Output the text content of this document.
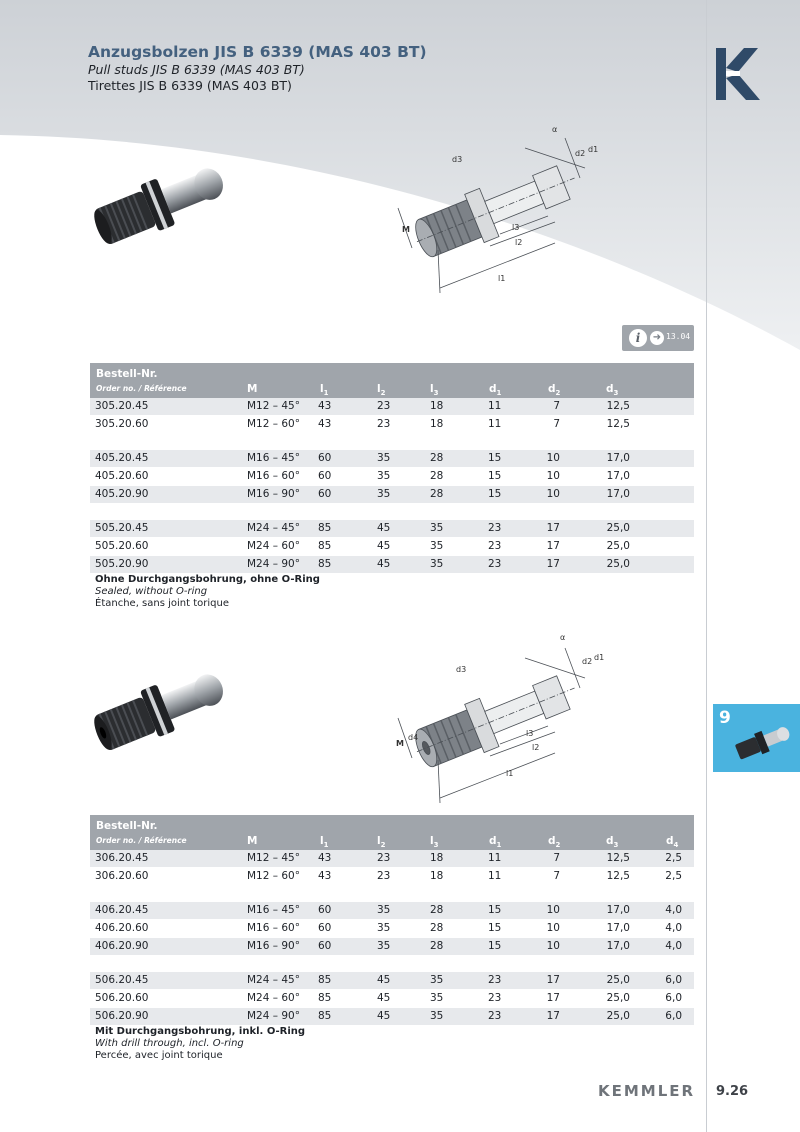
Anzugsbolzen JIS B 6339 (MAS 403 BT)

Pull studs JIS B 6339 (MAS 403 BT)

Tirettes JIS B 6339 (MAS 403 BT)

M
d3
l1
l2
l3
d2 d1
α
i	➜ 13.04
Bestell-Nr.
Order no. / Référence	M	$l_1$	$l_2$	$l_3$	$d_1$	$d_2$	$d_3$
305.20.45	M12 – 45° 43	23	18	11	7	12,5
305.20.60	M12 – 60° 43	23	18	11	7	12,5
405.20.45	M16 – 45° 60	35	28	15	10	17,0
405.20.60	M16 – 60° 60	35	28	15	10	17,0
405.20.90	M16 – 90° 60	35	28	15	10	17,0
505.20.45	M24 – 45° 85	45	35	23	17	25,0
505.20.60	M24 – 60° 85	45	35	23	17	25,0
505.20.90	M24 – 90° 85	45	35	23	17	25,0
Ohne Durchgangsbohrung, ohne O-Ring
Sealed, without O-ring
Étanche, sans joint torique
M
d4
d3
l1
l2
l3
d2 d1
α
9
Bestell-Nr.
Order no. / Référence	M	$l_1$	$l_2$	$l_3$	$d_1$	$d_2$	$d_3$	$d_4$
306.20.45	M12 – 45° 43	23	18	11	7	12,5	2,5
306.20.60	M12 – 60° 43	23	18	11	7	12,5	2,5
406.20.45	M16 – 45° 60	35	28	15	10	17,0	4,0
406.20.60	M16 – 60° 60	35	28	15	10	17,0	4,0
406.20.90	M16 – 90° 60	35	28	15	10	17,0	4,0
506.20.45	M24 – 45° 85	45	35	23	17	25,0	6,0
506.20.60	M24 – 60° 85	45	35	23	17	25,0	6,0
506.20.90	M24 – 90° 85	45	35	23	17	25,0	6,0
Mit Durchgangsbohrung, inkl. O-Ring
With drill through, incl. O-ring
Percée, avec joint torique
KEMMLER 9.26
